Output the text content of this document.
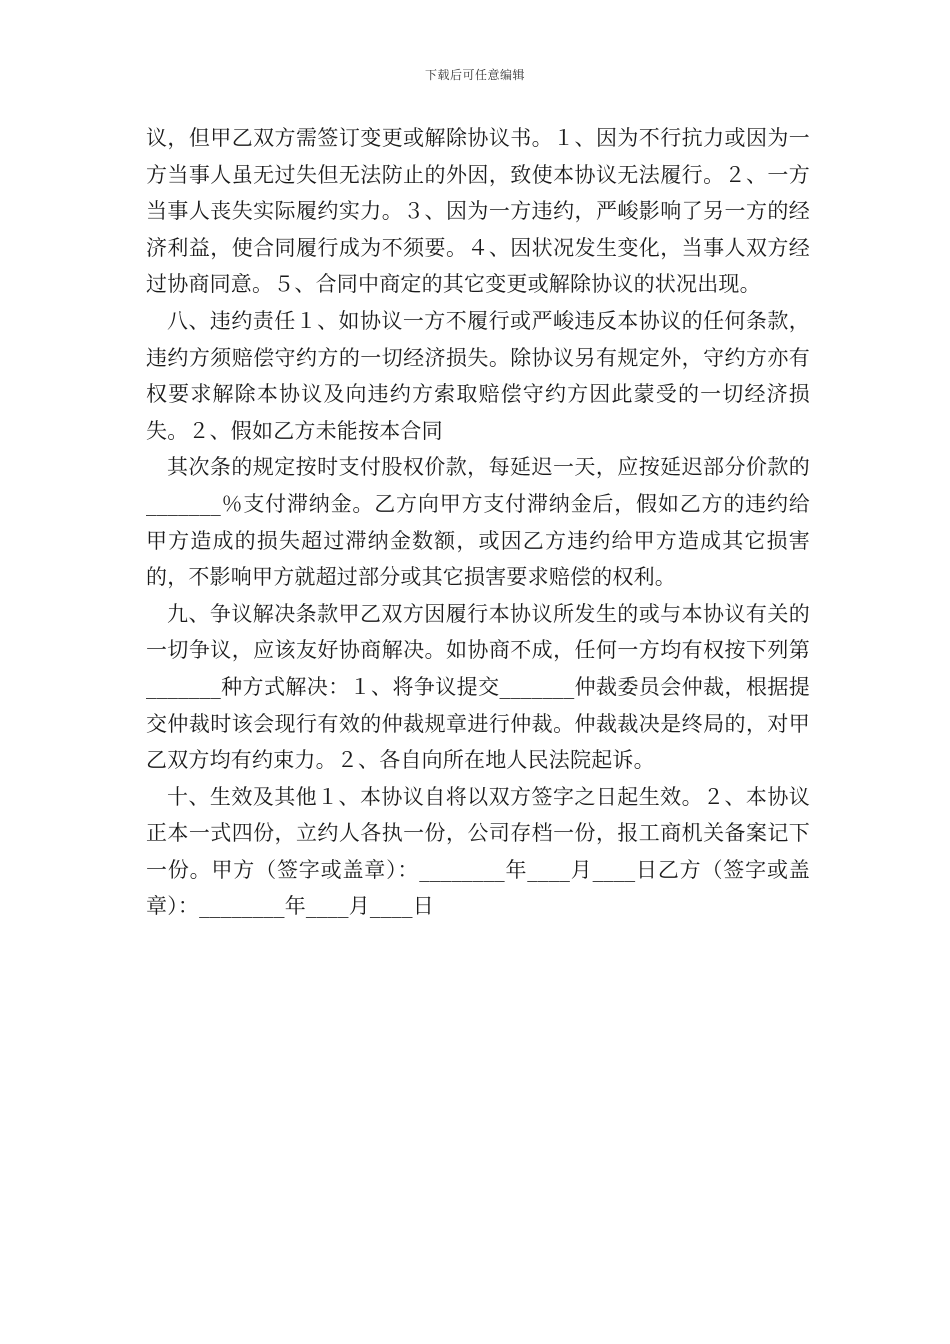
下载后可任意编辑

议，但甲乙双方需签订变更或解除协议书。１、因为不行抗力或因为一方当事人虽无过失但无法防止的外因，致使本协议无法履行。２、一方当事人丧失实际履约实力。３、因为一方违约，严峻影响了另一方的经济利益，使合同履行成为不须要。４、因状况发生变化，当事人双方经过协商同意。５、合同中商定的其它变更或解除协议的状况出现。

八、违约责任１、如协议一方不履行或严峻违反本协议的任何条款，违约方须赔偿守约方的一切经济损失。除协议另有规定外，守约方亦有权要求解除本协议及向违约方索取赔偿守约方因此蒙受的一切经济损失。２、假如乙方未能按本合同

其次条的规定按时支付股权价款，每延迟一天，应按延迟部分价款的_______％支付滞纳金。乙方向甲方支付滞纳金后，假如乙方的违约给甲方造成的损失超过滞纳金数额，或因乙方违约给甲方造成其它损害的，不影响甲方就超过部分或其它损害要求赔偿的权利。

九、争议解决条款甲乙双方因履行本协议所发生的或与本协议有关的一切争议，应该友好协商解决。如协商不成，任何一方均有权按下列第_______种方式解决：１、将争议提交_______仲裁委员会仲裁，根据提交仲裁时该会现行有效的仲裁规章进行仲裁。仲裁裁决是终局的，对甲乙双方均有约束力。２、各自向所在地人民法院起诉。

十、生效及其他１、本协议自将以双方签字之日起生效。２、本协议正本一式四份，立约人各执一份，公司存档一份，报工商机关备案记下一份。甲方（签字或盖章）：________年____月____日乙方（签字或盖章）：________年____月____日
